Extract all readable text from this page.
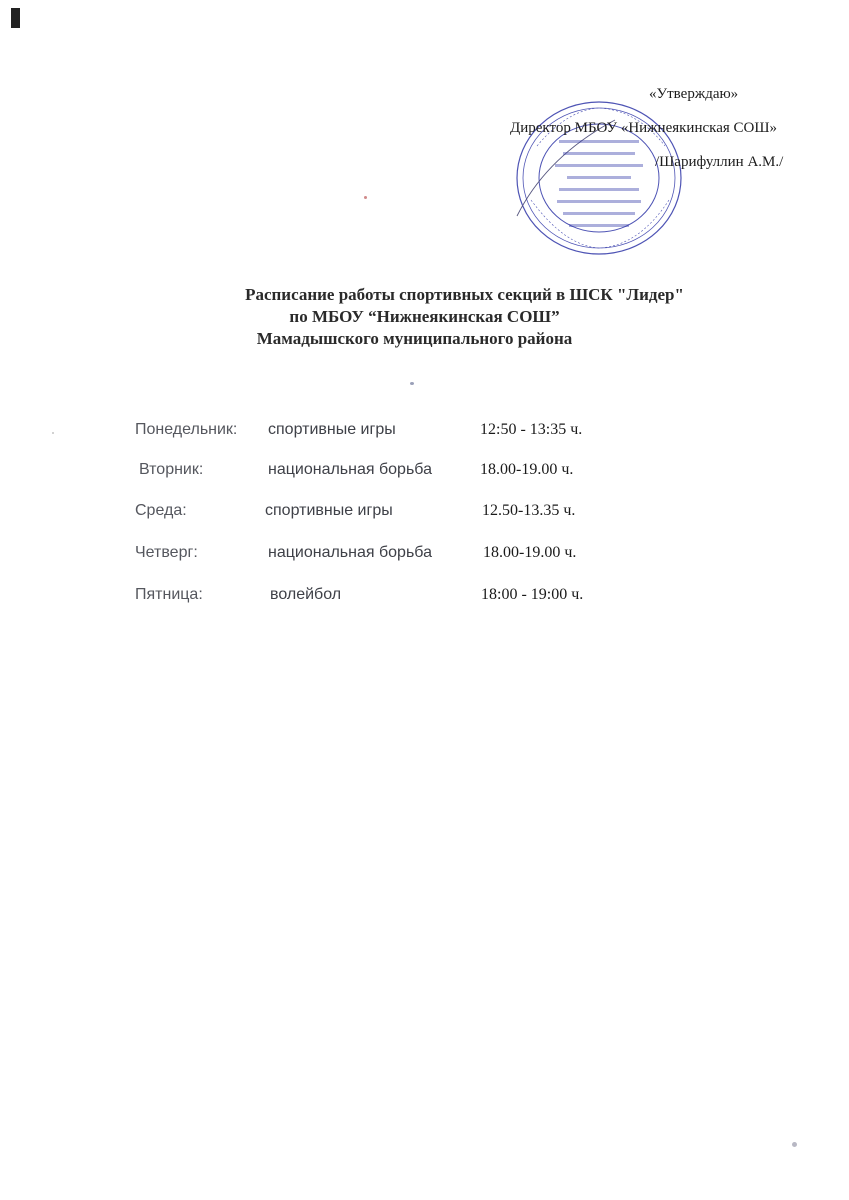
«Утверждаю»
Директор МБОУ «Нижнеякинская СОШ»
/Шарифуллин А.М./
Расписание работы спортивных секций в ШСК "Лидер"
по МБОУ “Нижнеякинская СОШ”
Мамадышского муниципального района
Понедельник: спортивные игры	12:50 - 13:35 ч.
Вторник:	национальная борьба	18.00-19.00 ч.
Среда:	спортивные игры	12.50-13.35 ч.
Четверг:	национальная борьба	18.00-19.00 ч.
Пятница:	волейбол	18:00 - 19:00 ч.
